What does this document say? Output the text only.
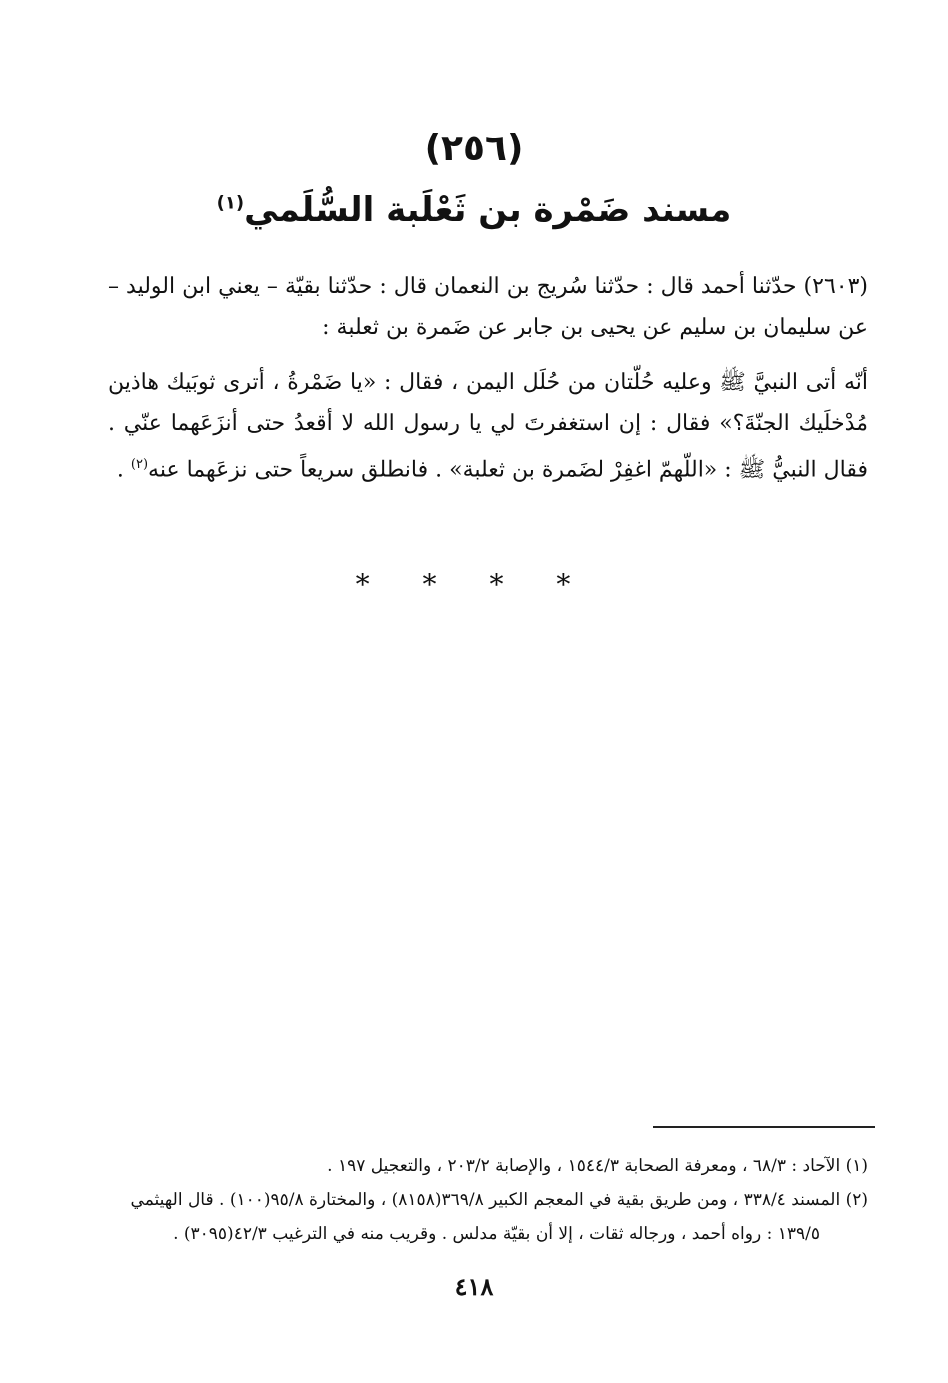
(٢٥٦)
مسند ضَمْرة بن ثَعْلَبة السُّلَمي$^{(١)}$

(٢٦٠٣) حدّثنا أحمد قال : حدّثنا سُريج بن النعمان قال : حدّثنا بقيّة – يعني ابن الوليد – عن سليمان بن سليم عن يحيى بن جابر عن ضَمرة بن ثعلبة :

أنّه أتى النبيَّ ﷺ وعليه حُلّتان من حُلَل اليمن ، فقال : «يا ضَمْرةُ ، أترى ثوبَيك هاذين مُدْخلَيك الجنّةَ؟» فقال : إن استغفرتَ لي يا رسول الله لا أقعدُ حتى أنزَعَهما عنّي . فقال النبيُّ ﷺ : «اللّهمّ اغفِرْ لضَمرة بن ثعلبة» . فانطلق سريعاً حتى نزعَهما عنه$^{(٢)}$ .

* * * *

(١) الآحاد : ٦٨/٣ ، ومعرفة الصحابة ١٥٤٤/٣ ، والإصابة ٢٠٣/٢ ، والتعجيل ١٩٧ .

(٢) المسند ٣٣٨/٤ ، ومن طريق بقية في المعجم الكبير ٣٦٩/٨(٨١٥٨) ، والمختارة ٩٥/٨(١٠٠) . قال الهيثمي

١٣٩/٥ : رواه أحمد ، ورجاله ثقات ، إلا أن بقيّة مدلس . وقريب منه في الترغيب ٤٢/٣(٣٠٩٥) .

٤١٨
